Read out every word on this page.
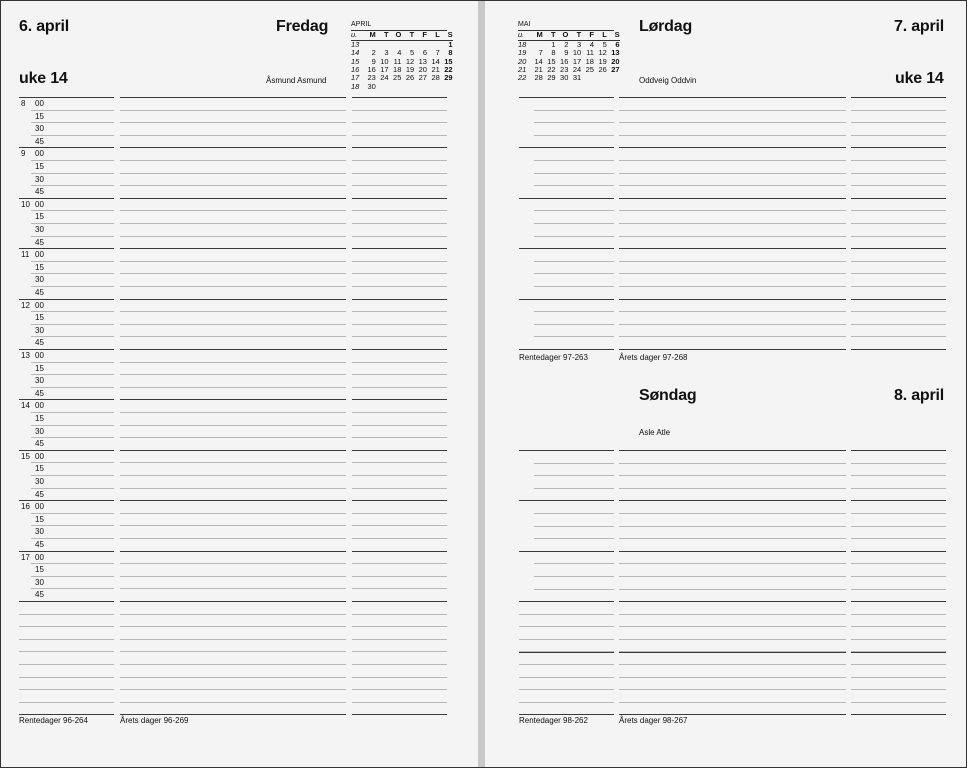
6. april	Fredag
uke 14	Åsmund Asmund
APRIL
u.	M	T	O	T	F	L	S
13							1
14	2	3	4	5	6	7	8
15	9	10	11	12	13	14	15
16	16	17	18	19	20	21	22
17	23	24	25	26	27	28	29
18	30						
8 00
15
30
45
9 00
15
30
45
10 00
15
30
45
11 00
15
30
45
12 00
15
30
45
13 00
15
30
45
14 00
15
30
45
15 00
15
30
45
16 00
15
30
45
17 00
15
30
45
Rentedager 96-264	Årets dager 96-269
MAI
u.	M	T	O	T	F	L	S
18		1	2	3	4	5	6
19	7	8	9	10	11	12	13
20	14	15	16	17	18	19	20
21	21	22	23	24	25	26	27
22	28	29	30	31			
Lørdag	7. april
uke 14
Oddveig Oddvin
Rentedager 97-263	Årets dager 97-268
Søndag	8. april
Asle Atle
Rentedager 98-262	Årets dager 98-267
